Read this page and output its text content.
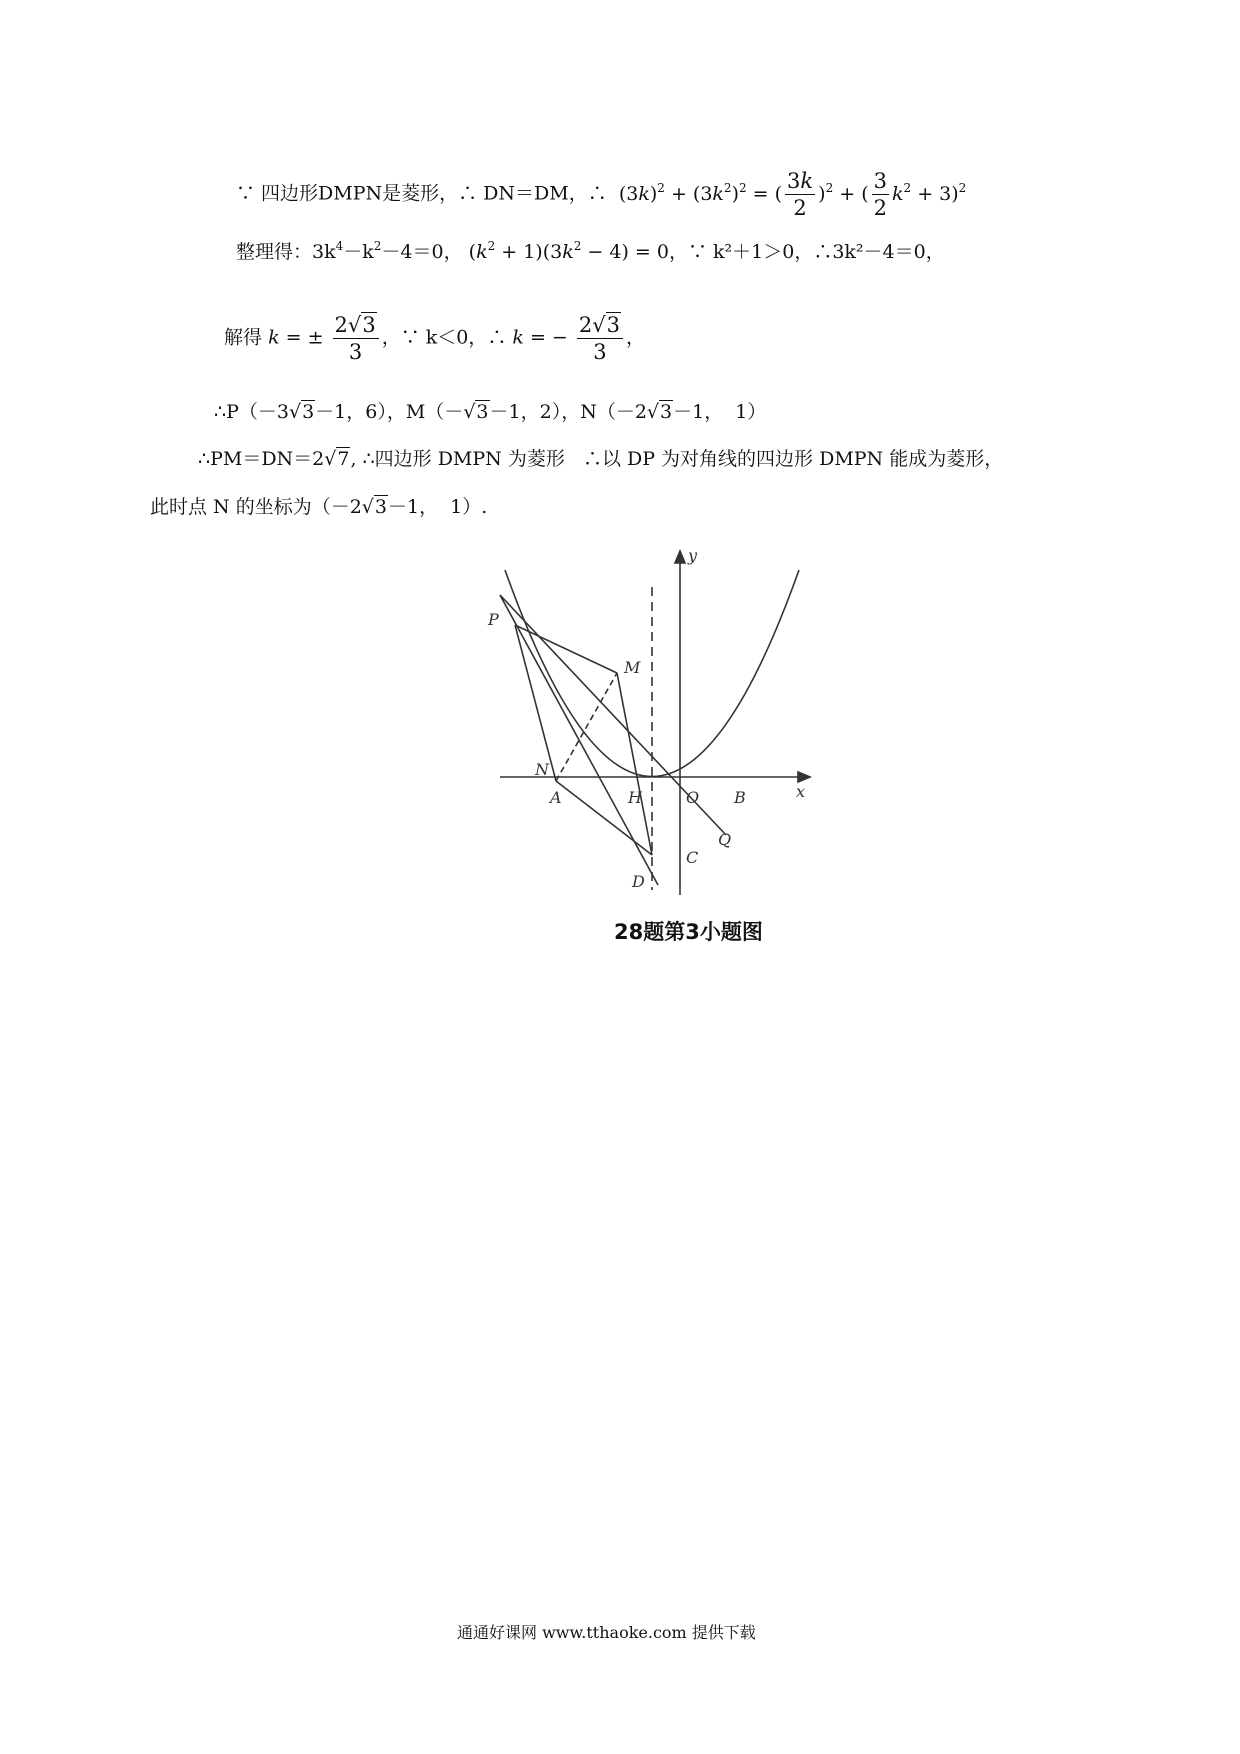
∵ 四边形DMPN是菱形，∴ DN＝DM，∴  $(3k)^2 + (3k^2)^2$ = ( $\frac{3k}{2} )^2$ + ( $\frac{3}{2} k^2 + 3)^2$
整理得：$3k^4-k^2-4=0$， $(k^2 + 1)(3k^2 - 4) = 0$，∵ k²＋1＞0，∴3k²－4＝0，
解得 k = ± $\frac{2√3}{3}$ ，∵ k＜0，∴ k = − $\frac{2√3}{3}$ ，
∴P（－3√3－1，6），M（－√3－1，2），N（－2√3－1，  1）
∴PM＝DN＝2√7, ∴四边形 DMPN 为菱形   ∴以 DP 为对角线的四边形 DMPN 能成为菱形，
此时点 N 的坐标为（－2√3－1，  1）.
P
M
N
A	H	O B
Q
C
D
x
y
28题第3小题图
通通好课网 www.tthaoke.com 提供下载
